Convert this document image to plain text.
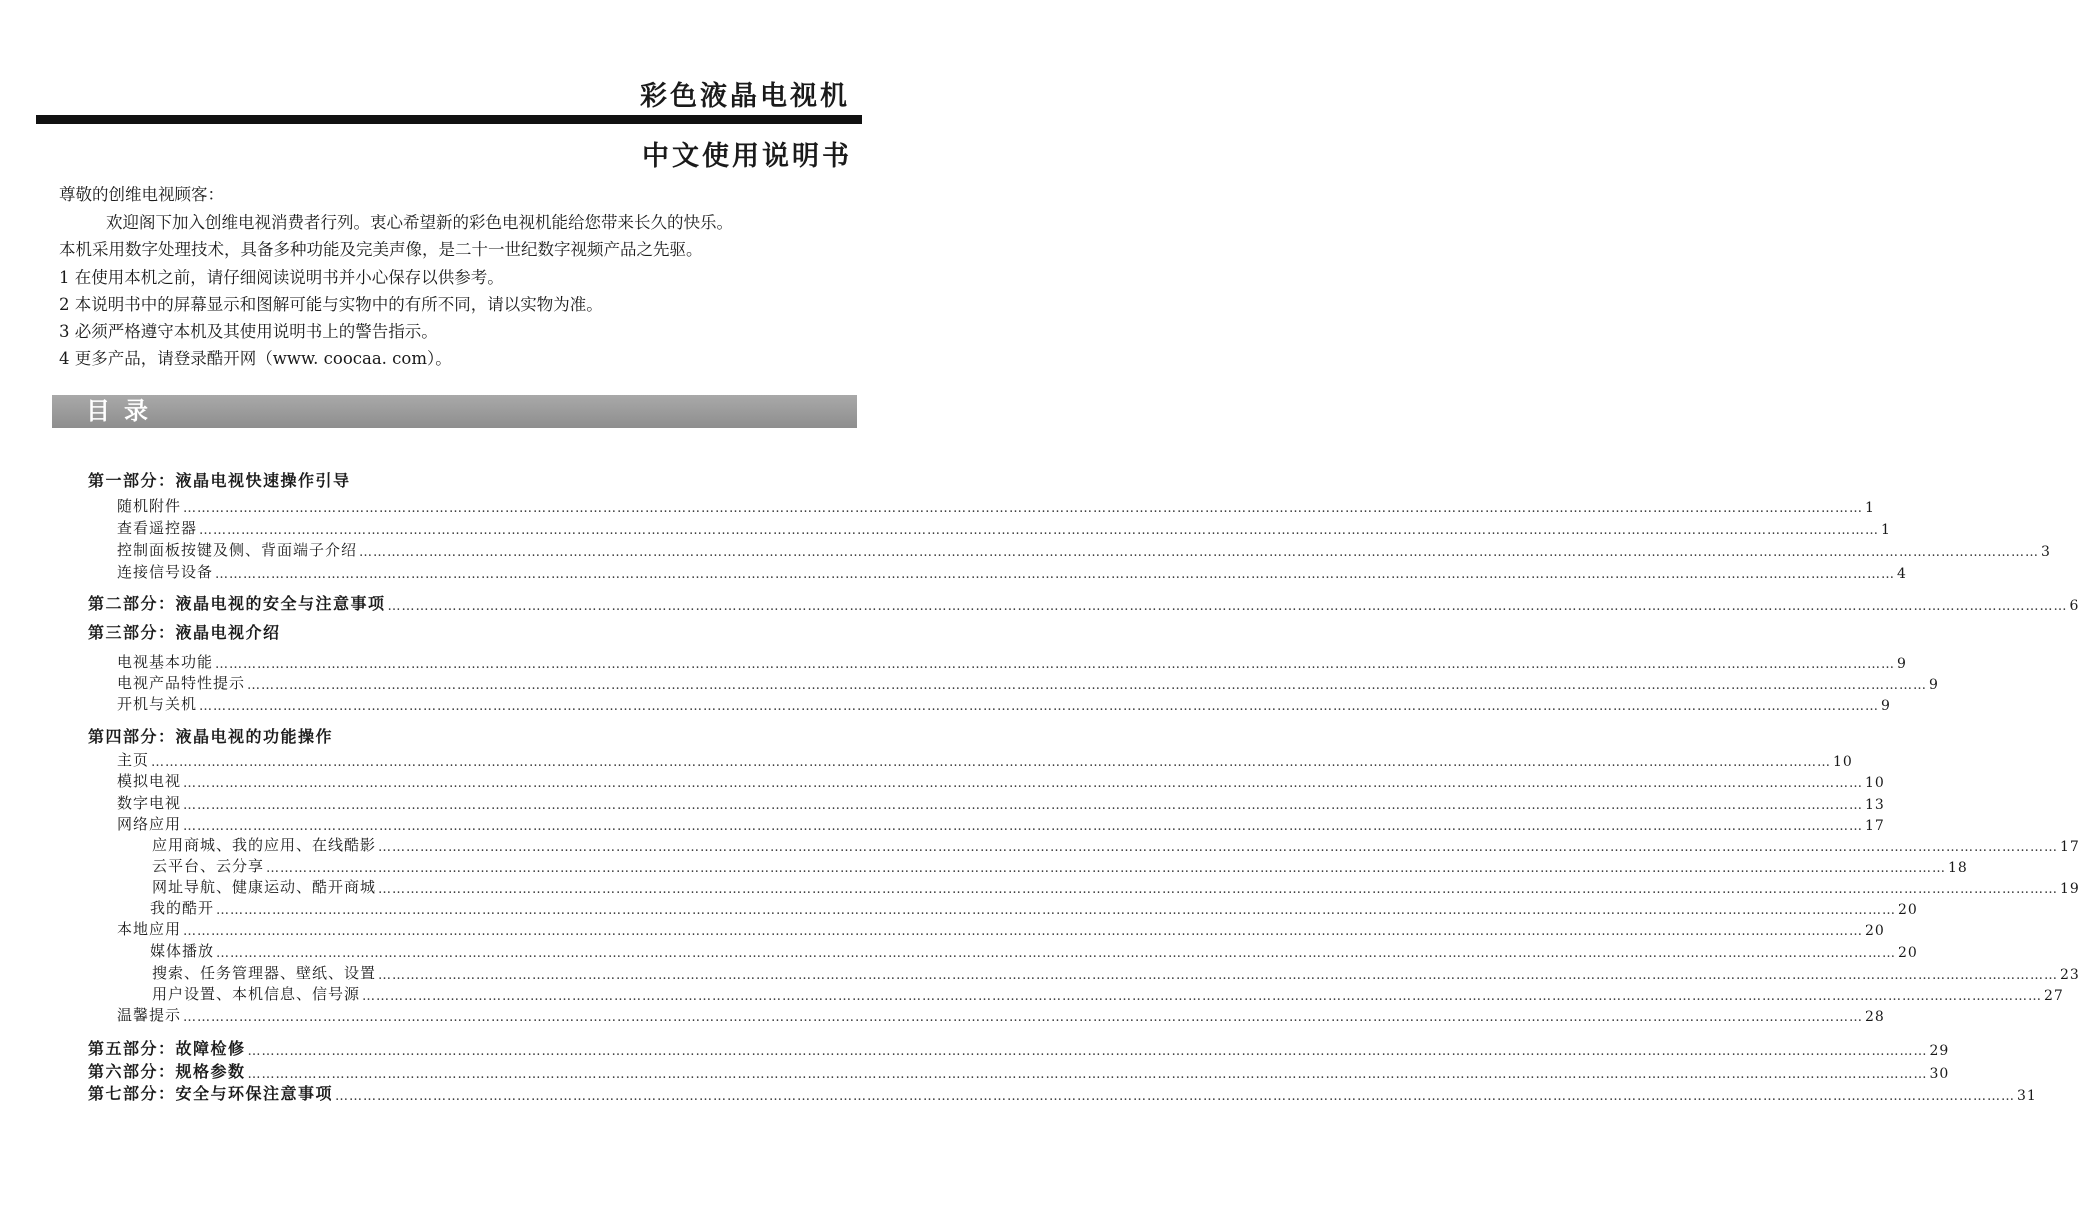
彩色液晶电视机
中文使用说明书
尊敬的创维电视顾客：
欢迎阁下加入创维电视消费者行列。衷心希望新的彩色电视机能给您带来长久的快乐。
本机采用数字处理技术，具备多种功能及完美声像，是二十一世纪数字视频产品之先驱。
1 在使用本机之前，请仔细阅读说明书并小心保存以供参考。
2 本说明书中的屏幕显示和图解可能与实物中的有所不同，请以实物为准。
3 必须严格遵守本机及其使用说明书上的警告指示。
4 更多产品，请登录酷开网（www. coocaa. com）。
目录
第一部分：液晶电视快速操作引导
随机附件 ……………………………………………………………………………………………………………………………………………………………………………………………………………………………………………………………………………………………………………………………… 1
查看遥控器 ……………………………………………………………………………………………………………………………………………………………………………………………………………………………………………………………………………………………………………………………… 1
控制面板按键及侧、背面端子介绍 ……………………………………………………………………………………………………………………………………………………………………………………………………………………………………………………………………………………………………………………………… 3
连接信号设备 ……………………………………………………………………………………………………………………………………………………………………………………………………………………………………………………………………………………………………………………………… 4
第二部分：液晶电视的安全与注意事项 ……………………………………………………………………………………………………………………………………………………………………………………………………………………………………………………………………………………………………………………………… 6
第三部分：液晶电视介绍
电视基本功能 ……………………………………………………………………………………………………………………………………………………………………………………………………………………………………………………………………………………………………………………………… 9
电视产品特性提示 ……………………………………………………………………………………………………………………………………………………………………………………………………………………………………………………………………………………………………………………………… 9
开机与关机 ……………………………………………………………………………………………………………………………………………………………………………………………………………………………………………………………………………………………………………………………… 9
第四部分：液晶电视的功能操作
主页 ……………………………………………………………………………………………………………………………………………………………………………………………………………………………………………………………………………………………………………………………… 10
模拟电视 ……………………………………………………………………………………………………………………………………………………………………………………………………………………………………………………………………………………………………………………………… 10
数字电视 ……………………………………………………………………………………………………………………………………………………………………………………………………………………………………………………………………………………………………………………………… 13
网络应用 ……………………………………………………………………………………………………………………………………………………………………………………………………………………………………………………………………………………………………………………………… 17
应用商城、我的应用、在线酷影 ……………………………………………………………………………………………………………………………………………………………………………………………………………………………………………………………………………………………………………………………… 17
云平台、云分享 ……………………………………………………………………………………………………………………………………………………………………………………………………………………………………………………………………………………………………………………………… 18
网址导航、健康运动、酷开商城 ……………………………………………………………………………………………………………………………………………………………………………………………………………………………………………………………………………………………………………………………… 19
我的酷开 ……………………………………………………………………………………………………………………………………………………………………………………………………………………………………………………………………………………………………………………………… 20
本地应用 ……………………………………………………………………………………………………………………………………………………………………………………………………………………………………………………………………………………………………………………………… 20
媒体播放 ……………………………………………………………………………………………………………………………………………………………………………………………………………………………………………………………………………………………………………………………… 20
搜索、任务管理器、壁纸、设置 ……………………………………………………………………………………………………………………………………………………………………………………………………………………………………………………………………………………………………………………………… 23
用户设置、本机信息、信号源 ……………………………………………………………………………………………………………………………………………………………………………………………………………………………………………………………………………………………………………………………… 27
温馨提示 ……………………………………………………………………………………………………………………………………………………………………………………………………………………………………………………………………………………………………………………………… 28
第五部分：故障检修 ……………………………………………………………………………………………………………………………………………………………………………………………………………………………………………………………………………………………………………………………… 29
第六部分：规格参数 ……………………………………………………………………………………………………………………………………………………………………………………………………………………………………………………………………………………………………………………………… 30
第七部分：安全与环保注意事项 ……………………………………………………………………………………………………………………………………………………………………………………………………………………………………………………………………………………………………………………………… 31
